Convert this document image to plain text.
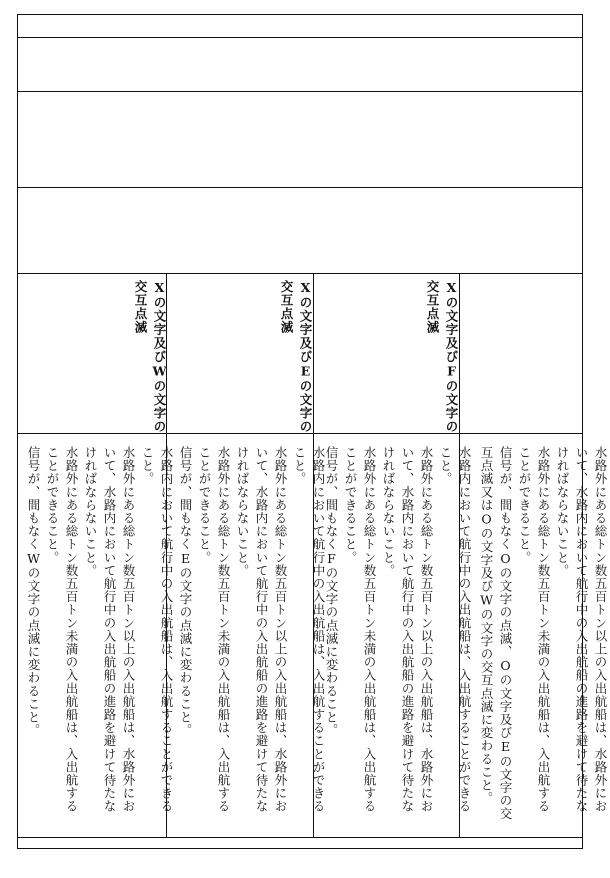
水路外にある総トン数五百トン以上の入出航船は、水路外にお
いて、水路内において航行中の入出航船の進路を避けて待たな
ければならないこと。
水路外にある総トン数五百トン未満の入出航船は、入出航する
ことができること。
信号が、間もなくOの文字の点滅、Oの文字及びEの文字の交
互点滅又はOの文字及びWの文字の交互点滅に変わること。
Xの文字及びFの文字の
交互点滅
水路内において航行中の入出航船は、入出航することができる
こと。
水路外にある総トン数五百トン以上の入出航船は、水路外にお
いて、水路内において航行中の入出航船の進路を避けて待たな
ければならないこと。
水路外にある総トン数五百トン未満の入出航船は、入出航する
ことができること。
信号が、間もなくFの文字の点滅に変わること。
Xの文字及びEの文字の
交互点滅
水路内において航行中の入出航船は、入出航することができる
こと。
水路外にある総トン数五百トン以上の入出航船は、水路外にお
いて、水路内において航行中の入出航船の進路を避けて待たな
ければならないこと。
水路外にある総トン数五百トン未満の入出航船は、入出航する
ことができること。
信号が、間もなくEの文字の点滅に変わること。
Xの文字及びWの文字の
交互点滅
水路内において航行中の入出航船は、入出航することができる
こと。
水路外にある総トン数五百トン以上の入出航船は、水路外にお
いて、水路内において航行中の入出航船の進路を避けて待たな
ければならないこと。
水路外にある総トン数五百トン未満の入出航船は、入出航する
ことができること。
信号が、間もなくWの文字の点滅に変わること。
